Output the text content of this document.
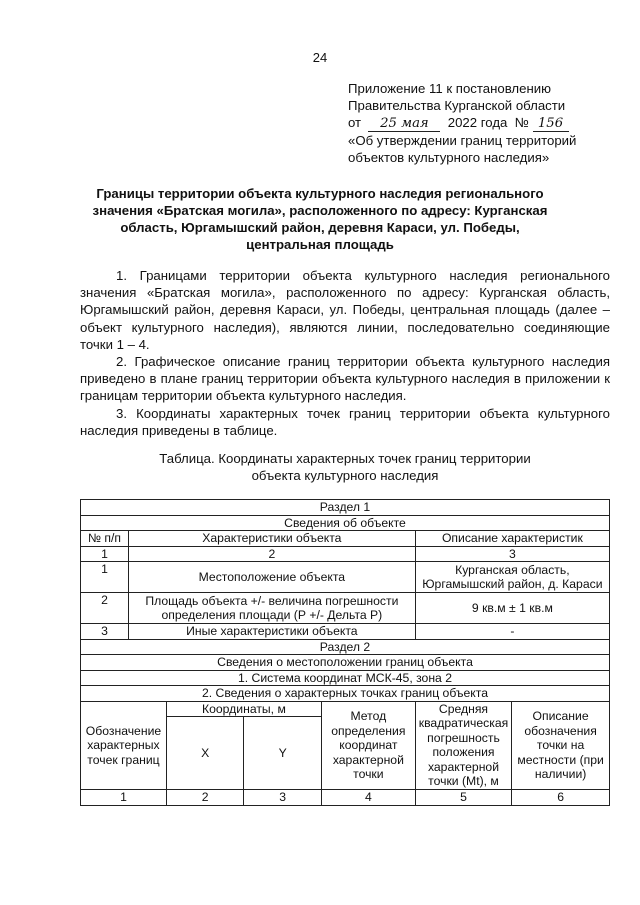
24
Приложение 11 к постановлению
Правительства Курганской области
от 25 мая 2022 года № 156
«Об утверждении границ территорий
объектов культурного наследия»
Границы территории объекта культурного наследия регионального значения «Братская могила», расположенного по адресу: Курганская область, Юргамышский район, деревня Караси, ул. Победы, центральная площадь

1. Границами территории объекта культурного наследия регионального значения «Братская могила», расположенного по адресу: Курганская область, Юргамышский район, деревня Караси, ул. Победы, центральная площадь (далее – объект культурного наследия), являются линии, последовательно соединяющие точки 1 – 4.

2. Графическое описание границ территории объекта культурного наследия приведено в плане границ территории объекта культурного наследия в приложении к границам территории объекта культурного наследия.

3. Координаты характерных точек границ территории объекта культурного наследия приведены в таблице.

Таблица. Координаты характерных точек границ территории
объекта культурного наследия
Раздел 1						
Сведения об объекте						
№ п/п	Характеристики объекта				Описание характеристик	
1	2				3	
1	Местоположение объекта				Курганская область, Юргамышский район, д. Караси	
2	Площадь объекта +/- величина погрешности определения площади (Р +/- Дельта Р)				9 кв.м ± 1 кв.м	
3	Иные характеристики объекта				-	
Раздел 2						
Сведения о местоположении границ объекта						
1. Система координат МСК-45, зона 2						
2. Сведения о характерных точках границ объекта						
Обозначение характерных точек границ		Координаты, м		Метод определения координат характерной точки	Средняя квадратическая погрешность положения характерной точки (Mt), м	Описание обозначения точки на местности (при наличии)
		X	Y			
1		2	3	4	5	6
